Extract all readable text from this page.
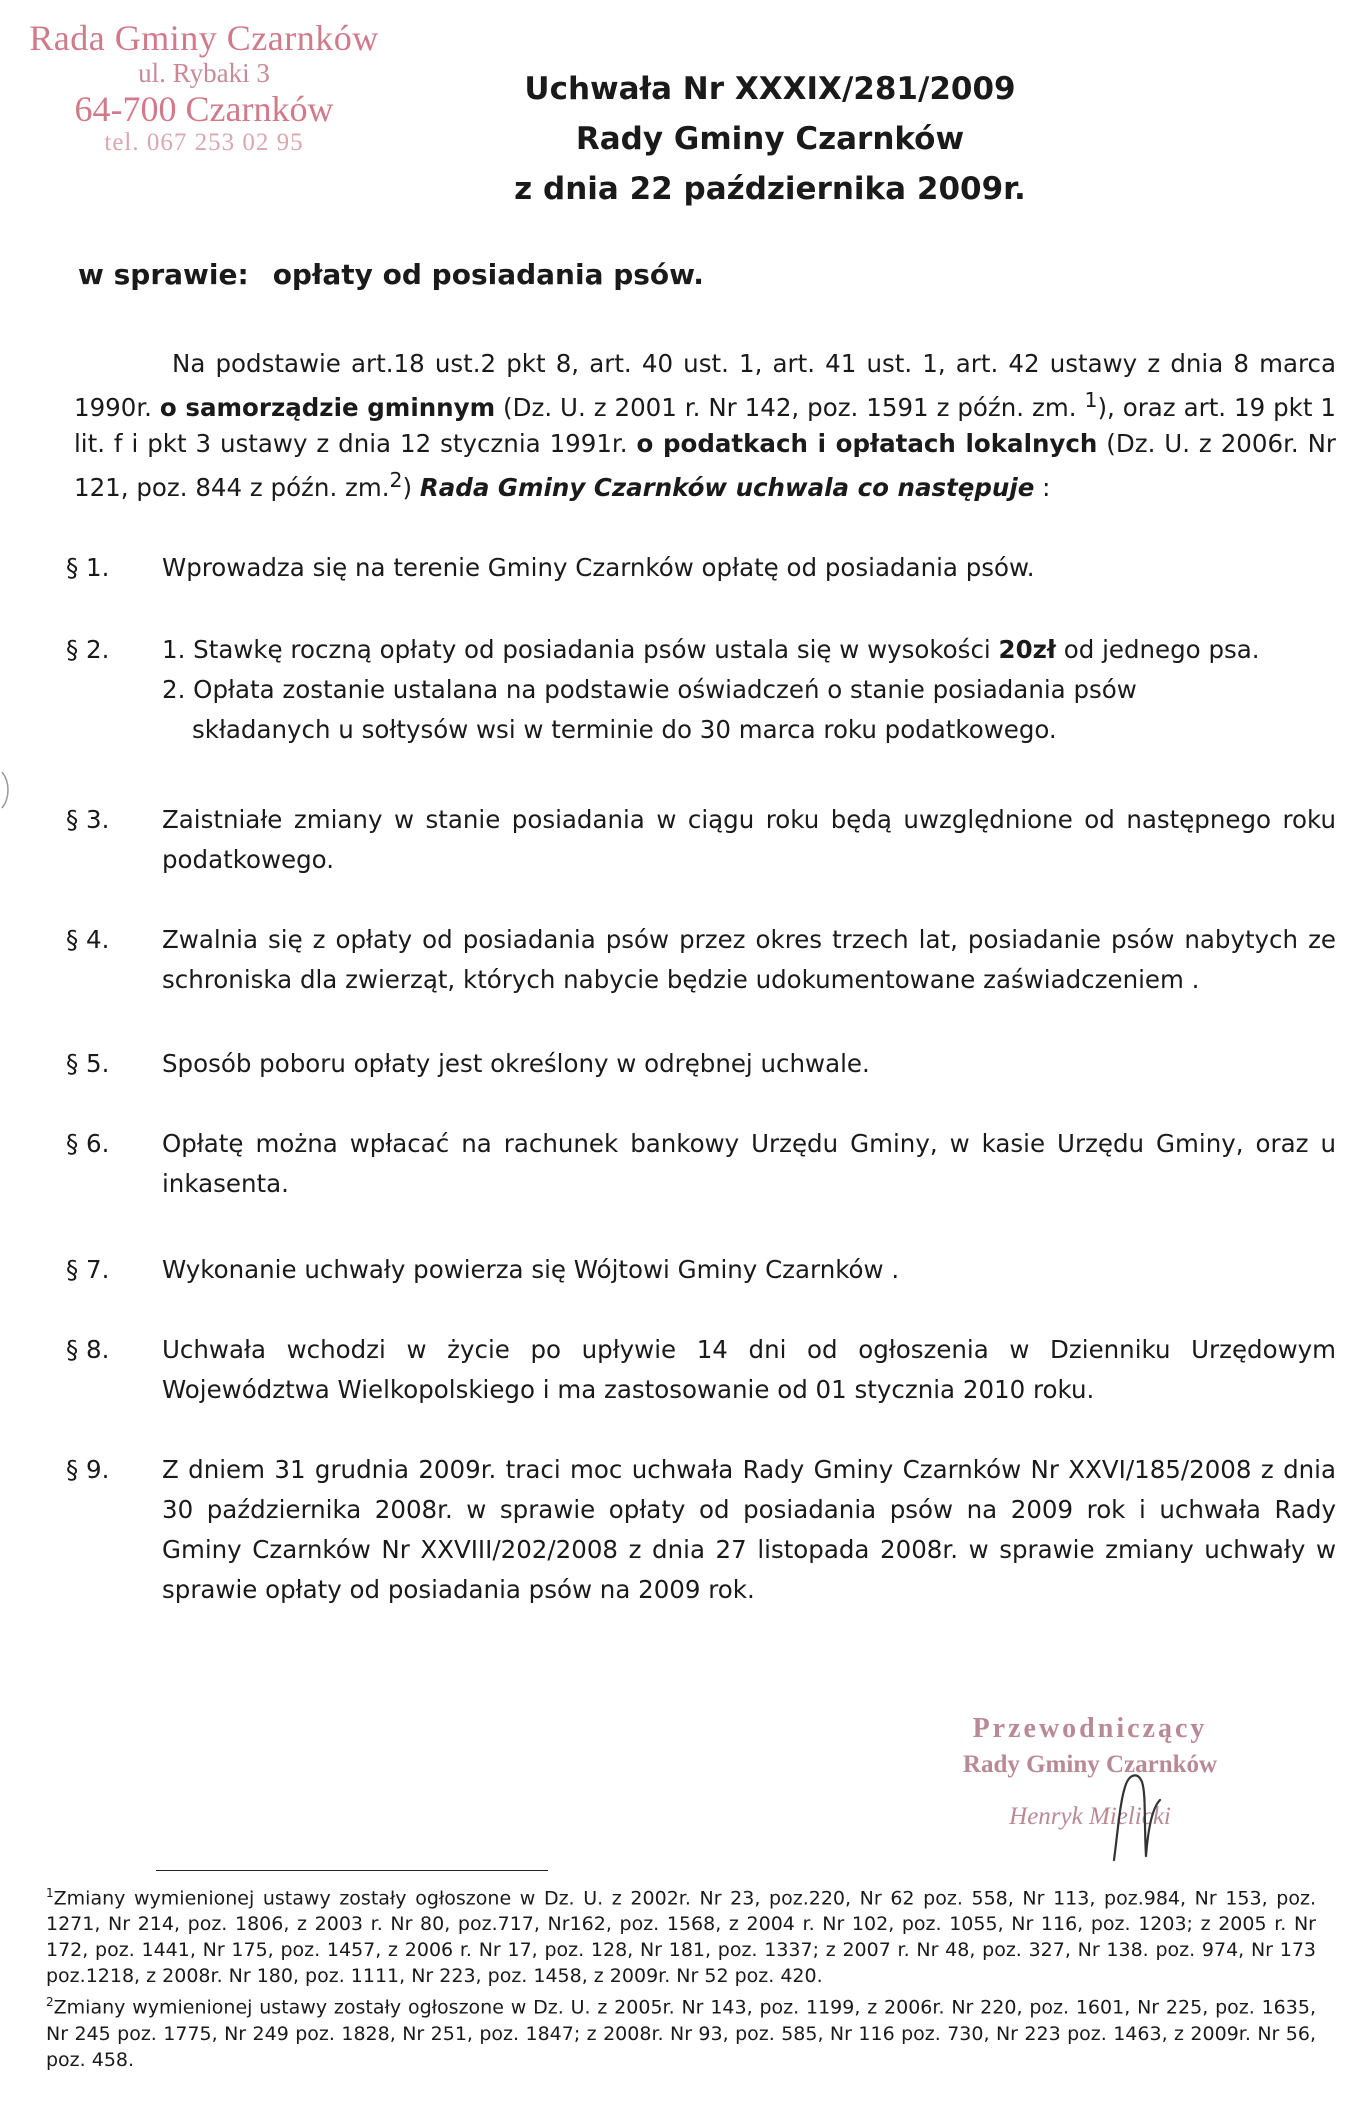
Rada Gminy Czarnków
ul. Rybaki 3
64-700 Czarnków
tel. 067 253 02 95
Uchwała Nr XXXIX/281/2009
Rady Gminy Czarnków
z dnia 22 października 2009r.
w sprawie: opłaty od posiadania psów.
Na podstawie art.18 ust.2 pkt 8, art. 40 ust. 1, art. 41 ust. 1, art. 42 ustawy z dnia 8 marca 1990r. o samorządzie gminnym (Dz. U. z 2001 r. Nr 142, poz. 1591 z późn. zm. $^1$), oraz art. 19 pkt 1 lit. f i pkt 3 ustawy z dnia 12 stycznia 1991r. o podatkach i opłatach lokalnych (Dz. U. z 2006r. Nr 121, poz. 844 z późn. zm.$^2$) Rada Gminy Czarnków uchwala co następuje :
§ 1.	Wprowadza się na terenie Gminy Czarnków opłatę od posiadania psów.
§ 2.	1. Stawkę roczną opłaty od posiadania psów ustala się w wysokości 20zł od jednego psa.
2. Opłata zostanie ustalana na podstawie oświadczeń o stanie posiadania psów
składanych u sołtysów wsi w terminie do 30 marca roku podatkowego.
§ 3.	Zaistniałe zmiany w stanie posiadania w ciągu roku będą uwzględnione od następnego roku podatkowego.
§ 4.	Zwalnia się z opłaty od posiadania psów przez okres trzech lat, posiadanie psów nabytych ze schroniska dla zwierząt, których nabycie będzie udokumentowane zaświadczeniem .
§ 5.	Sposób poboru opłaty jest określony w odrębnej uchwale.
§ 6.	Opłatę można wpłacać na rachunek bankowy Urzędu Gminy, w kasie Urzędu Gminy, oraz u inkasenta.
§ 7.	Wykonanie uchwały powierza się Wójtowi Gminy Czarnków .
§ 8.	Uchwała wchodzi w życie po upływie 14 dni od ogłoszenia w Dzienniku Urzędowym Województwa Wielkopolskiego i ma zastosowanie od 01 stycznia 2010 roku.
§ 9.	Z dniem 31 grudnia 2009r. traci moc uchwała Rady Gminy Czarnków Nr XXVI/185/2008 z dnia 30 października 2008r. w sprawie opłaty od posiadania psów na 2009 rok i uchwała Rady Gminy Czarnków Nr XXVIII/202/2008 z dnia 27 listopada 2008r. w sprawie zmiany uchwały w sprawie opłaty od posiadania psów na 2009 rok.
Przewodniczący
Rady Gminy Czarnków
Henryk Mielicki
$^1$Zmiany wymienionej ustawy zostały ogłoszone w Dz. U. z 2002r. Nr 23, poz.220, Nr 62 poz. 558, Nr 113, poz.984, Nr 153, poz. 1271, Nr 214, poz. 1806, z 2003 r. Nr 80, poz.717, Nr162, poz. 1568, z 2004 r. Nr 102, poz. 1055, Nr 116, poz. 1203; z 2005 r. Nr 172, poz. 1441, Nr 175, poz. 1457, z 2006 r. Nr 17, poz. 128, Nr 181, poz. 1337; z 2007 r. Nr 48, poz. 327, Nr 138. poz. 974, Nr 173 poz.1218, z 2008r. Nr 180, poz. 1111, Nr 223, poz. 1458, z 2009r. Nr 52 poz. 420.
$^2$Zmiany wymienionej ustawy zostały ogłoszone w Dz. U. z 2005r. Nr 143, poz. 1199, z 2006r. Nr 220, poz. 1601, Nr 225, poz. 1635, Nr 245 poz. 1775, Nr 249 poz. 1828, Nr 251, poz. 1847; z 2008r. Nr 93, poz. 585, Nr 116 poz. 730, Nr 223 poz. 1463, z 2009r. Nr 56, poz. 458.
